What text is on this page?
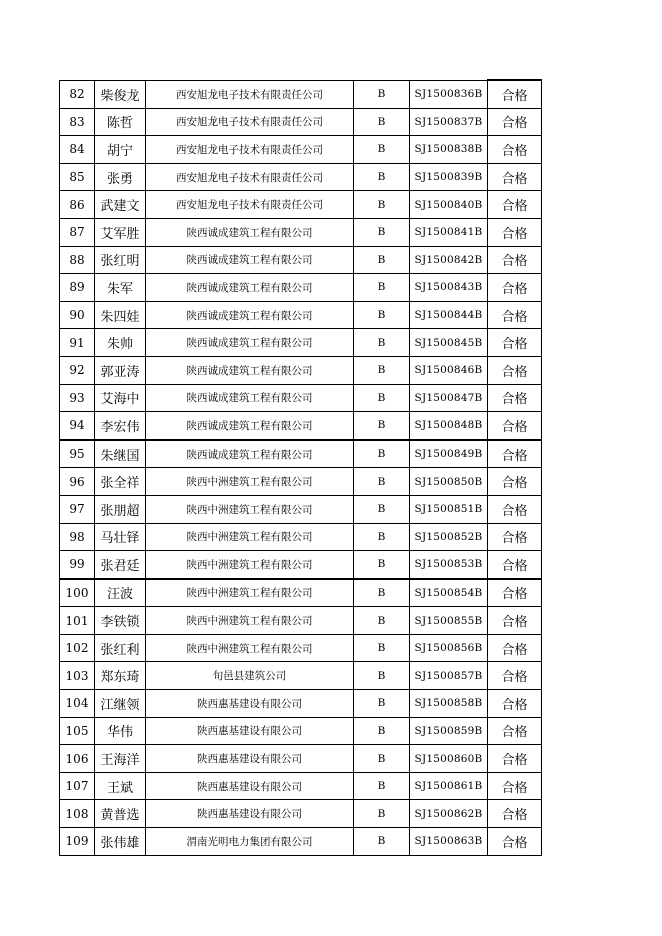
82	柴俊龙	西安旭龙电子技术有限责任公司	B	SJ1500836B	合格
83	陈哲	西安旭龙电子技术有限责任公司	B	SJ1500837B	合格
84	胡宁	西安旭龙电子技术有限责任公司	B	SJ1500838B	合格
85	张勇	西安旭龙电子技术有限责任公司	B	SJ1500839B	合格
86	武建文	西安旭龙电子技术有限责任公司	B	SJ1500840B	合格
87	艾军胜	陕西诚成建筑工程有限公司	B	SJ1500841B	合格
88	张红明	陕西诚成建筑工程有限公司	B	SJ1500842B	合格
89	朱军	陕西诚成建筑工程有限公司	B	SJ1500843B	合格
90	朱四娃	陕西诚成建筑工程有限公司	B	SJ1500844B	合格
91	朱帅	陕西诚成建筑工程有限公司	B	SJ1500845B	合格
92	郭亚涛	陕西诚成建筑工程有限公司	B	SJ1500846B	合格
93	艾海中	陕西诚成建筑工程有限公司	B	SJ1500847B	合格
94	李宏伟	陕西诚成建筑工程有限公司	B	SJ1500848B	合格
95	朱继国	陕西诚成建筑工程有限公司	B	SJ1500849B	合格
96	张全祥	陕西中洲建筑工程有限公司	B	SJ1500850B	合格
97	张朋超	陕西中洲建筑工程有限公司	B	SJ1500851B	合格
98	马壮铎	陕西中洲建筑工程有限公司	B	SJ1500852B	合格
99	张君廷	陕西中洲建筑工程有限公司	B	SJ1500853B	合格
100	汪波	陕西中洲建筑工程有限公司	B	SJ1500854B	合格
101	李铁锁	陕西中洲建筑工程有限公司	B	SJ1500855B	合格
102	张红利	陕西中洲建筑工程有限公司	B	SJ1500856B	合格
103	郑东琦	旬邑县建筑公司	B	SJ1500857B	合格
104	江继领	陕西惠基建设有限公司	B	SJ1500858B	合格
105	华伟	陕西惠基建设有限公司	B	SJ1500859B	合格
106	王海洋	陕西惠基建设有限公司	B	SJ1500860B	合格
107	王斌	陕西惠基建设有限公司	B	SJ1500861B	合格
108	黄普选	陕西惠基建设有限公司	B	SJ1500862B	合格
109	张伟雄	渭南光明电力集团有限公司	B	SJ1500863B	合格
